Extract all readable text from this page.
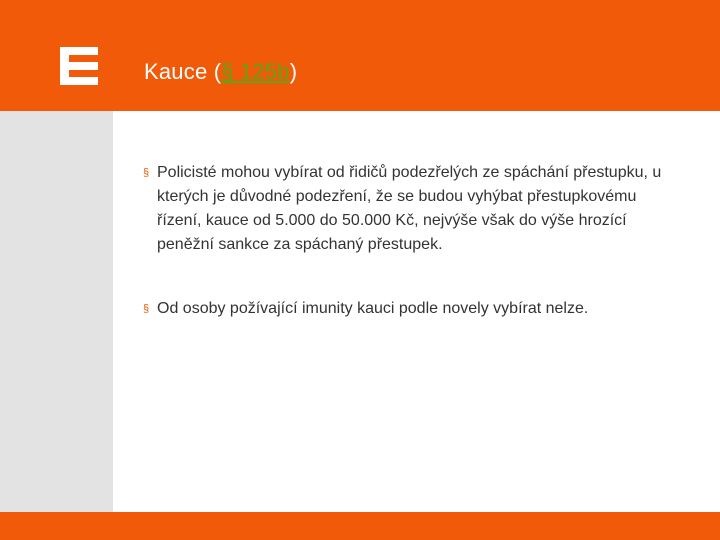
Kauce (§ 125b)
§ Policisté mohou vybírat od řidičů podezřelých ze spáchání přestupku, u kterých je důvodné podezření, že se budou vyhýbat přestupkovému řízení, kauce od 5.000 do 50.000 Kč, nejvýše však do výše hrozící peněžní sankce za spáchaný přestupek.
§ Od osoby požívající imunity kauci podle novely vybírat nelze.
